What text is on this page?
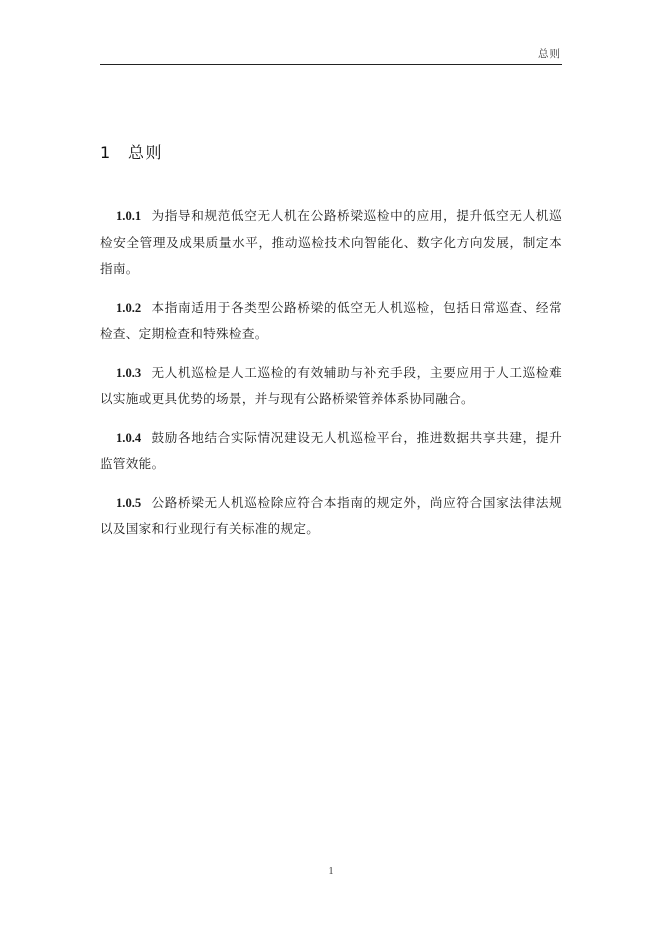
总则
1	总则

1.0.1 为指导和规范低空无人机在公路桥梁巡检中的应用，提升低空无人机巡检安全管理及成果质量水平，推动巡检技术向智能化、数字化方向发展，制定本指南。

1.0.2 本指南适用于各类型公路桥梁的低空无人机巡检，包括日常巡查、经常检查、定期检查和特殊检查。

1.0.3 无人机巡检是人工巡检的有效辅助与补充手段，主要应用于人工巡检难以实施或更具优势的场景，并与现有公路桥梁管养体系协同融合。

1.0.4 鼓励各地结合实际情况建设无人机巡检平台，推进数据共享共建，提升监管效能。

1.0.5 公路桥梁无人机巡检除应符合本指南的规定外，尚应符合国家法律法规以及国家和行业现行有关标准的规定。

1
